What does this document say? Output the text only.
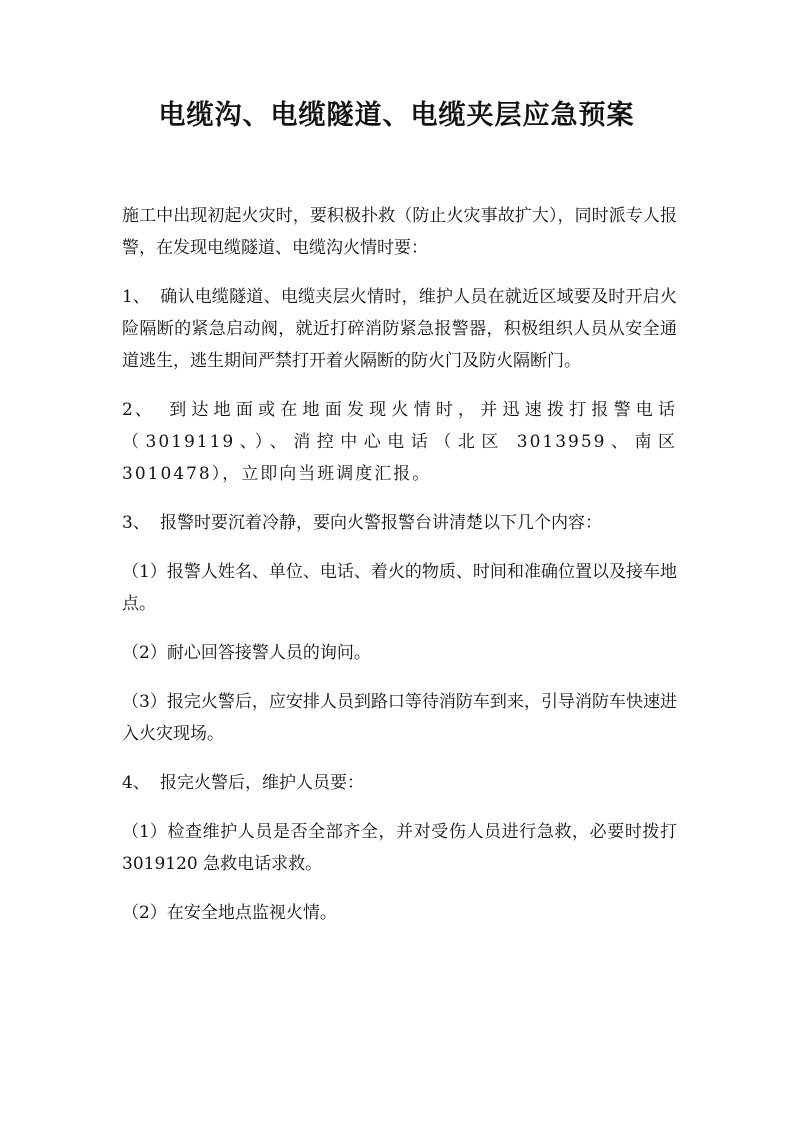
电缆沟、电缆隧道、电缆夹层应急预案

施工中出现初起火灾时，要积极扑救（防止火灾事故扩大），同时派专人报警，在发现电缆隧道、电缆沟火情时要：

1、 确认电缆隧道、电缆夹层火情时，维护人员在就近区域要及时开启火险隔断的紧急启动阀，就近打碎消防紧急报警器，积极组织人员从安全通道逃生，逃生期间严禁打开着火隔断的防火门及防火隔断门。

2、 到达地面或在地面发现火情时，并迅速拨打报警电话（3019119、）、消控中心电话（北区 3013959、南区 3010478），立即向当班调度汇报。

3、 报警时要沉着冷静，要向火警报警台讲清楚以下几个内容：

（1）报警人姓名、单位、电话、着火的物质、时间和准确位置以及接车地点。

（2）耐心回答接警人员的询问。

（3）报完火警后，应安排人员到路口等待消防车到来，引导消防车快速进入火灾现场。

4、 报完火警后，维护人员要：

（1）检查维护人员是否全部齐全，并对受伤人员进行急救，必要时拨打 3019120 急救电话求救。

（2）在安全地点监视火情。
